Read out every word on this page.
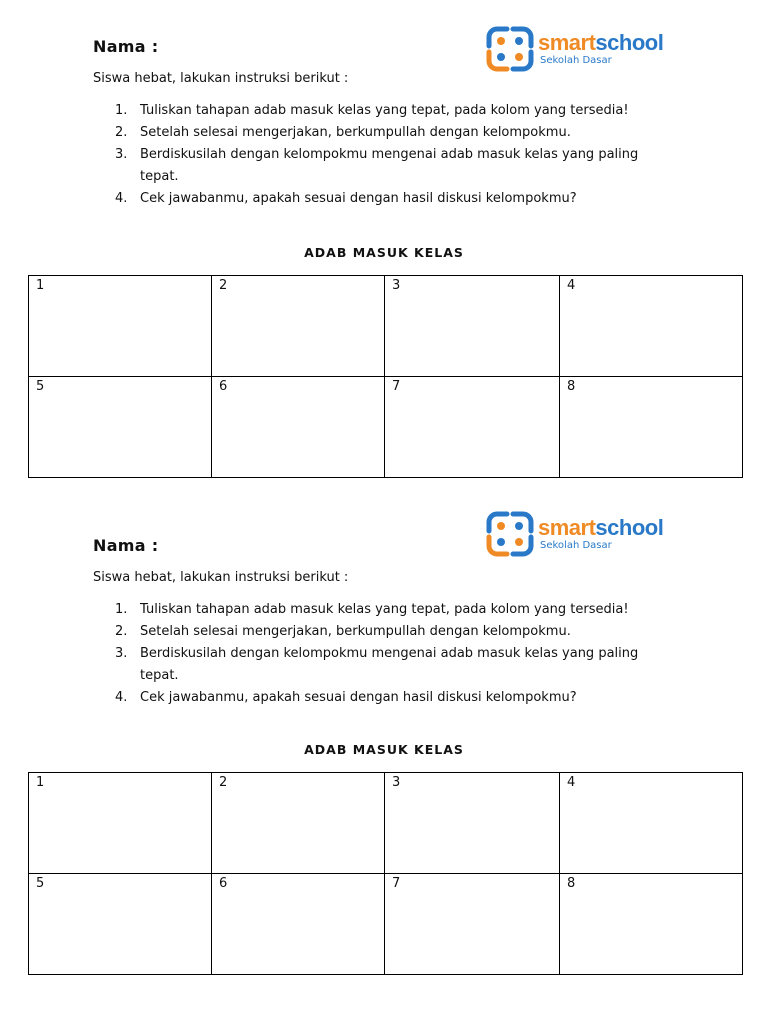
smartschool
Sekolah Dasar
Nama :
Siswa hebat, lakukan instruksi berikut :
1. Tuliskan tahapan adab masuk kelas yang tepat, pada kolom yang tersedia!
2. Setelah selesai mengerjakan, berkumpullah dengan kelompokmu.
3. Berdiskusilah dengan kelompokmu mengenai adab masuk kelas yang paling tepat.
4. Cek jawabanmu, apakah sesuai dengan hasil diskusi kelompokmu?
ADAB MASUK KELAS
1	2	3	4
5	6	7	8
smartschool
Sekolah Dasar
Nama :
Siswa hebat, lakukan instruksi berikut :
1. Tuliskan tahapan adab masuk kelas yang tepat, pada kolom yang tersedia!
2. Setelah selesai mengerjakan, berkumpullah dengan kelompokmu.
3. Berdiskusilah dengan kelompokmu mengenai adab masuk kelas yang paling tepat.
4. Cek jawabanmu, apakah sesuai dengan hasil diskusi kelompokmu?
ADAB MASUK KELAS
1	2	3	4
5	6	7	8
